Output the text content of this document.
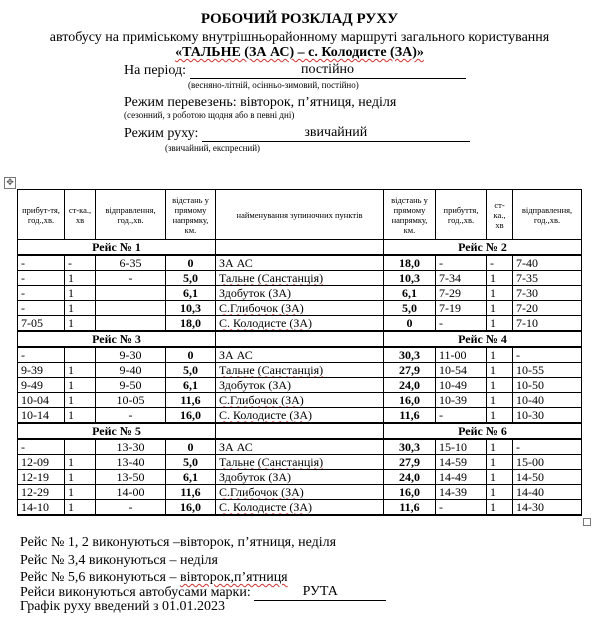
РОБОЧИЙ РОЗКЛАД РУХУ
автобусу на приміському внутрішньорайонному маршруті загального користування
«ТАЛЬНЕ (ЗА АС) – с. Колодисте (ЗА)»
На період:	постійно
(весняно-літній, осінньо-зимовий, постійно)
Режим перевезень: вівторок, п’ятниця, неділя
(сезонний, з роботою щодня або в певні дні)
Режим руху:	звичайний
(звичайний, експресний)
✥
прибут-тя, год.,хв.	ст-ка., хв	відправлення, год.,хв.	відстань у прямому напрямку, км.	найменування зупиночних пунктів	відстань у прямому напрямку, км.	прибуття, год.,хв.	ст-ка., хв	відправлення, год.,хв.
Рейс № 1					Рейс № 2			
-	-	6-35	0	ЗА АС	18,0	-	-	7-40
-	1	-	5,0	Тальне (Санстанція)	10,3	7-34	1	7-35
-	1		6,1	Здобуток (ЗА)	6,1	7-29	1	7-30
-	1		10,3	С.Глибочок (ЗА)	5,0	7-19	1	7-20
7-05	1		18,0	С. Колодисте (ЗА)	0	-	1	7-10
Рейс № 3					Рейс № 4			
-		9-30	0	ЗА АС	30,3	11-00	1	-
9-39	1	9-40	5,0	Тальне (Санстанція)	27,9	10-54	1	10-55
9-49	1	9-50	6,1	Здобуток (ЗА)	24,0	10-49	1	10-50
10-04	1	10-05	11,6	С.Глибочок (ЗА)	16,0	10-39	1	10-40
10-14	1	-	16,0	С. Колодисте (ЗА)	11,6	-	1	10-30
Рейс № 5					Рейс № 6			
-		13-30	0	ЗА АС	30,3	15-10	1	-
12-09	1	13-40	5,0	Тальне (Санстанція)	27,9	14-59	1	15-00
12-19	1	13-50	6,1	Здобуток (ЗА)	24,0	14-49	1	14-50
12-29	1	14-00	11,6	С.Глибочок (ЗА)	16,0	14-39	1	14-40
14-10	1	-	16,0	С. Колодисте (ЗА)	11,6	-	1	14-30
Рейс № 1, 2 виконуються –вівторок, п’ятниця, неділя
Рейс № 3,4 виконуються – неділя
Рейс № 5,6 виконуються – вівторок,п’ятниця
Рейси виконуються автобусами марки:	РУТА
Графік руху введений з 01.01.2023
